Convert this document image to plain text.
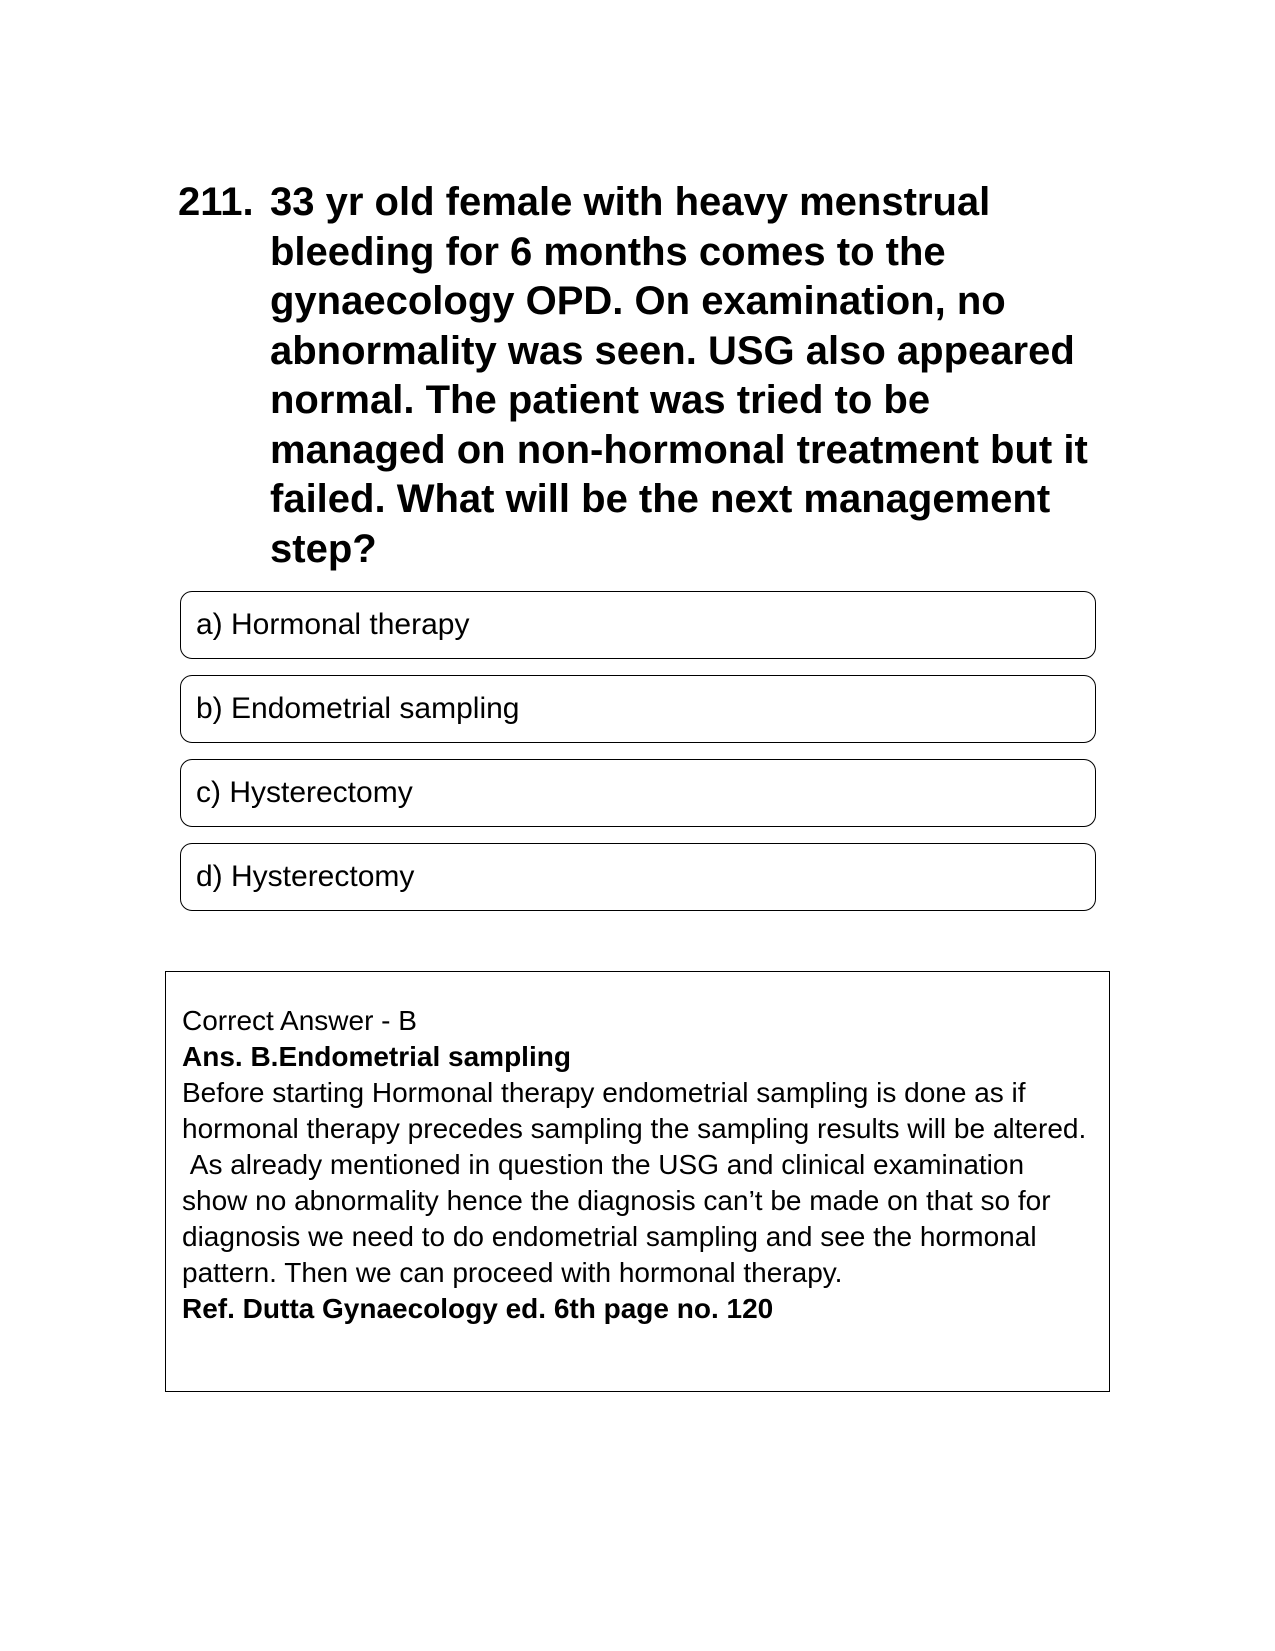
211. 33 yr old female with heavy menstrual bleeding for 6 months comes to the gynaecology OPD. On examination, no abnormality was seen. USG also appeared normal. The patient was tried to be managed on non-hormonal treatment but it failed. What will be the next management step?
a) Hormonal therapy
b) Endometrial sampling
c) Hysterectomy
d) Hysterectomy

Correct Answer - B

Ans. B.Endometrial sampling

Before starting Hormonal therapy endometrial sampling is done as if hormonal therapy precedes sampling the sampling results will be altered.

As already mentioned in question the USG and clinical examination show no abnormality hence the diagnosis can’t be made on that so for diagnosis we need to do endometrial sampling and see the hormonal pattern. Then we can proceed with hormonal therapy.

Ref. Dutta Gynaecology ed. 6th page no. 120
